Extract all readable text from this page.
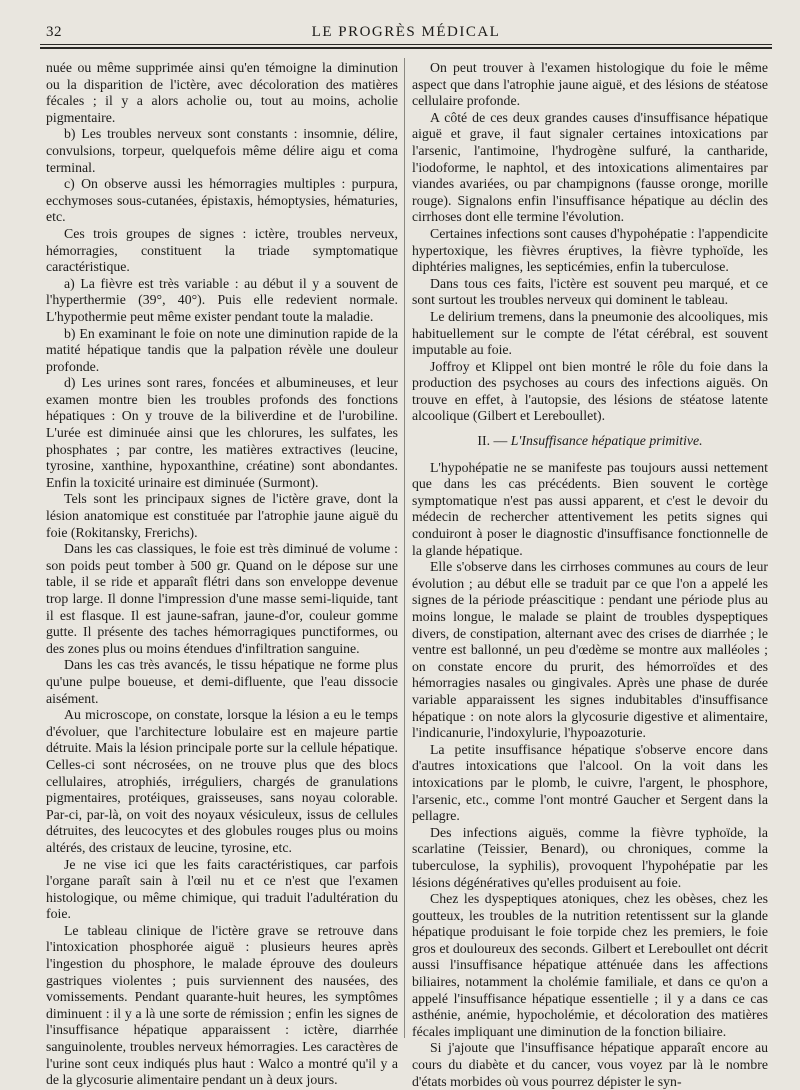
32	LE PROGRÈS MÉDICAL

nuée ou même supprimée ainsi qu'en témoigne la diminution ou la disparition de l'ictère, avec décoloration des matières fécales ; il y a alors acholie ou, tout au moins, acholie pigmentaire.

b) Les troubles nerveux sont constants : insomnie, délire, convulsions, torpeur, quelquefois même délire aigu et coma terminal.

c) On observe aussi les hémorragies multiples : purpura, ecchymoses sous-cutanées, épistaxis, hémoptysies, hématuries, etc.

Ces trois groupes de signes : ictère, troubles nerveux, hémorragies, constituent la triade symptomatique caractéristique.

a) La fièvre est très variable : au début il y a souvent de l'hyperthermie (39°, 40°). Puis elle redevient normale. L'hypothermie peut même exister pendant toute la maladie.

b) En examinant le foie on note une diminution rapide de la matité hépatique tandis que la palpation révèle une douleur profonde.

d) Les urines sont rares, foncées et albumineuses, et leur examen montre bien les troubles profonds des fonctions hépatiques : On y trouve de la biliverdine et de l'urobiline. L'urée est diminuée ainsi que les chlorures, les sulfates, les phosphates ; par contre, les matières extractives (leucine, tyrosine, xanthine, hypoxanthine, créatine) sont abondantes. Enfin la toxicité urinaire est diminuée (Surmont).

Tels sont les principaux signes de l'ictère grave, dont la lésion anatomique est constituée par l'atrophie jaune aiguë du foie (Rokitansky, Frerichs).

Dans les cas classiques, le foie est très diminué de volume : son poids peut tomber à 500 gr. Quand on le dépose sur une table, il se ride et apparaît flétri dans son enveloppe devenue trop large. Il donne l'impression d'une masse semi-liquide, tant il est flasque. Il est jaune-safran, jaune-d'or, couleur gomme gutte. Il présente des taches hémorragiques punctiformes, ou des zones plus ou moins étendues d'infiltration sanguine.

Dans les cas très avancés, le tissu hépatique ne forme plus qu'une pulpe boueuse, et demi-difluente, que l'eau dissocie aisément.

Au microscope, on constate, lorsque la lésion a eu le temps d'évoluer, que l'architecture lobulaire est en majeure partie détruite. Mais la lésion principale porte sur la cellule hépatique. Celles-ci sont nécrosées, on ne trouve plus que des blocs cellulaires, atrophiés, irréguliers, chargés de granulations pigmentaires, protéiques, graisseuses, sans noyau colorable. Par-ci, par-là, on voit des noyaux vésiculeux, issus de cellules détruites, des leucocytes et des globules rouges plus ou moins altérés, des cristaux de leucine, tyrosine, etc.

Je ne vise ici que les faits caractéristiques, car parfois l'organe paraît sain à l'œil nu et ce n'est que l'examen histologique, ou même chimique, qui traduit l'adultération du foie.

Le tableau clinique de l'ictère grave se retrouve dans l'intoxication phosphorée aiguë : plusieurs heures après l'ingestion du phosphore, le malade éprouve des douleurs gastriques violentes ; puis surviennent des nausées, des vomissements. Pendant quarante-huit heures, les symptômes diminuent : il y a là une sorte de rémission ; enfin les signes de l'insuffisance hépatique apparaissent : ictère, diarrhée sanguinolente, troubles nerveux hémorragies. Les caractères de l'urine sont ceux indiqués plus haut : Walco a montré qu'il y a de la glycosurie alimentaire pendant un à deux jours.

On peut trouver à l'examen histologique du foie le même aspect que dans l'atrophie jaune aiguë, et des lésions de stéatose cellulaire profonde.

A côté de ces deux grandes causes d'insuffisance hépatique aiguë et grave, il faut signaler certaines intoxications par l'arsenic, l'antimoine, l'hydrogène sulfuré, la cantharide, l'iodoforme, le naphtol, et des intoxications alimentaires par viandes avariées, ou par champignons (fausse oronge, morille rouge). Signalons enfin l'insuffisance hépatique au déclin des cirrhoses dont elle termine l'évolution.

Certaines infections sont causes d'hypohépatie : l'appendicite hypertoxique, les fièvres éruptives, la fièvre typhoïde, les diphtéries malignes, les septicémies, enfin la tuberculose.

Dans tous ces faits, l'ictère est souvent peu marqué, et ce sont surtout les troubles nerveux qui dominent le tableau.

Le delirium tremens, dans la pneumonie des alcooliques, mis habituellement sur le compte de l'état cérébral, est souvent imputable au foie.

Joffroy et Klippel ont bien montré le rôle du foie dans la production des psychoses au cours des infections aiguës. On trouve en effet, à l'autopsie, des lésions de stéatose latente alcoolique (Gilbert et Lereboullet).

II. — L'Insuffisance hépatique primitive.

L'hypohépatie ne se manifeste pas toujours aussi nettement que dans les cas précédents. Bien souvent le cortège symptomatique n'est pas aussi apparent, et c'est le devoir du médecin de rechercher attentivement les petits signes qui conduiront à poser le diagnostic d'insuffisance fonctionnelle de la glande hépatique.

Elle s'observe dans les cirrhoses communes au cours de leur évolution ; au début elle se traduit par ce que l'on a appelé les signes de la période préascitique : pendant une période plus au moins longue, le malade se plaint de troubles dyspeptiques divers, de constipation, alternant avec des crises de diarrhée ; le ventre est ballonné, un peu d'œdème se montre aux malléoles ; on constate encore du prurit, des hémorroïdes et des hémorragies nasales ou gingivales. Après une phase de durée variable apparaissent les signes indubitables d'insuffisance hépatique : on note alors la glycosurie digestive et alimentaire, l'indicanurie, l'indoxylurie, l'hypoazoturie.

La petite insuffisance hépatique s'observe encore dans d'autres intoxications que l'alcool. On la voit dans les intoxications par le plomb, le cuivre, l'argent, le phosphore, l'arsenic, etc., comme l'ont montré Gaucher et Sergent dans la pellagre.

Des infections aiguës, comme la fièvre typhoïde, la scarlatine (Teissier, Benard), ou chroniques, comme la tuberculose, la syphilis), provoquent l'hypohépatie par les lésions dégénératives qu'elles produisent au foie.

Chez les dyspeptiques atoniques, chez les obèses, chez les goutteux, les troubles de la nutrition retentissent sur la glande hépatique produisant le foie torpide chez les premiers, le foie gros et douloureux des seconds. Gilbert et Lereboullet ont décrit aussi l'insuffisance hépatique atténuée dans les affections biliaires, notamment la cholémie familiale, et dans ce qu'on a appelé l'insuffisance hépatique essentielle ; il y a dans ce cas asthénie, anémie, hypocholémie, et décoloration des matières fécales impliquant une diminution de la fonction biliaire.

Si j'ajoute que l'insuffisance hépatique apparaît encore au cours du diabète et du cancer, vous voyez par là le nombre d'états morbides où vous pourrez dépister le syn-
